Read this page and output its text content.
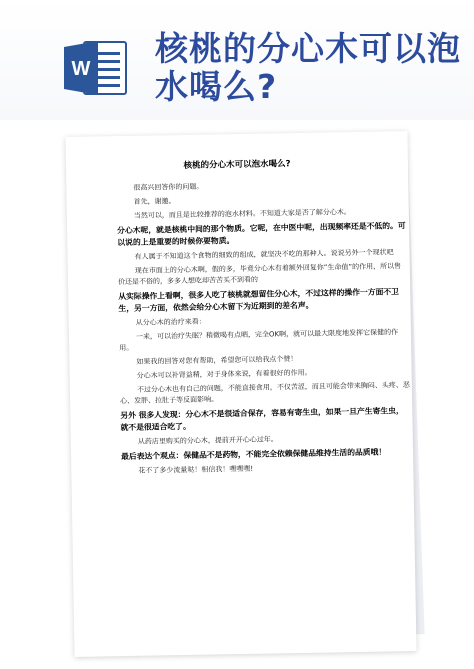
W
核桃的分心木可以泡水喝么?
核桃的分心木可以泡水喝么?

很高兴回答你的问题。

首先，谢邀。

当然可以，而且是比较推荐的泡水材料。不知道大家是否了解分心木。

分心木呢，就是核桃中间的那个物质。它呢，在中医中呢，出现频率还是不低的。可以说的上是重要的时候你要物质。

有人属于不知道这个食物的细致的组成，就坚决不吃的那种人。说说另外一个现状吧

现在市面上的分心木啊，假的多，毕竟分心木有着额外回复你“生命值”的作用，所以售价还是不俗的，多多人想吃却苦苦买不到看的

从实际操作上看啊，很多人吃了核桃就想留住分心木，不过这样的操作一方面不卫生，另一方面，依然会给分心木留下为近期到的差名声。

从分心木的治疗来看：

一来，可以治疗失眠？稍微喝有点晒，完全OK啊，就可以最大限度地发挥它保健的作用。

如果我的回答对您有帮助，希望您可以给我点个赞！

分心木可以补肾益精，对于身体来说，有着很好的作用。

不过分心木也有自己的问题，不能直接食用，不仅苦涩，而且可能会带来胸闷、头疼、恶心、发胖、拉肚子等反面影响。

另外 很多人发现：分心木不是很适合保存，容易有寄生虫，如果一旦产生寄生虫，就不是很适合吃了。

从药店里购买的分心木，提前开开心心过年。

最后表达个观点：保健品不是药物，不能完全依赖保健品维持生活的品质哦！

花不了多少流量哒！相信我！嘿嘿嘿!
